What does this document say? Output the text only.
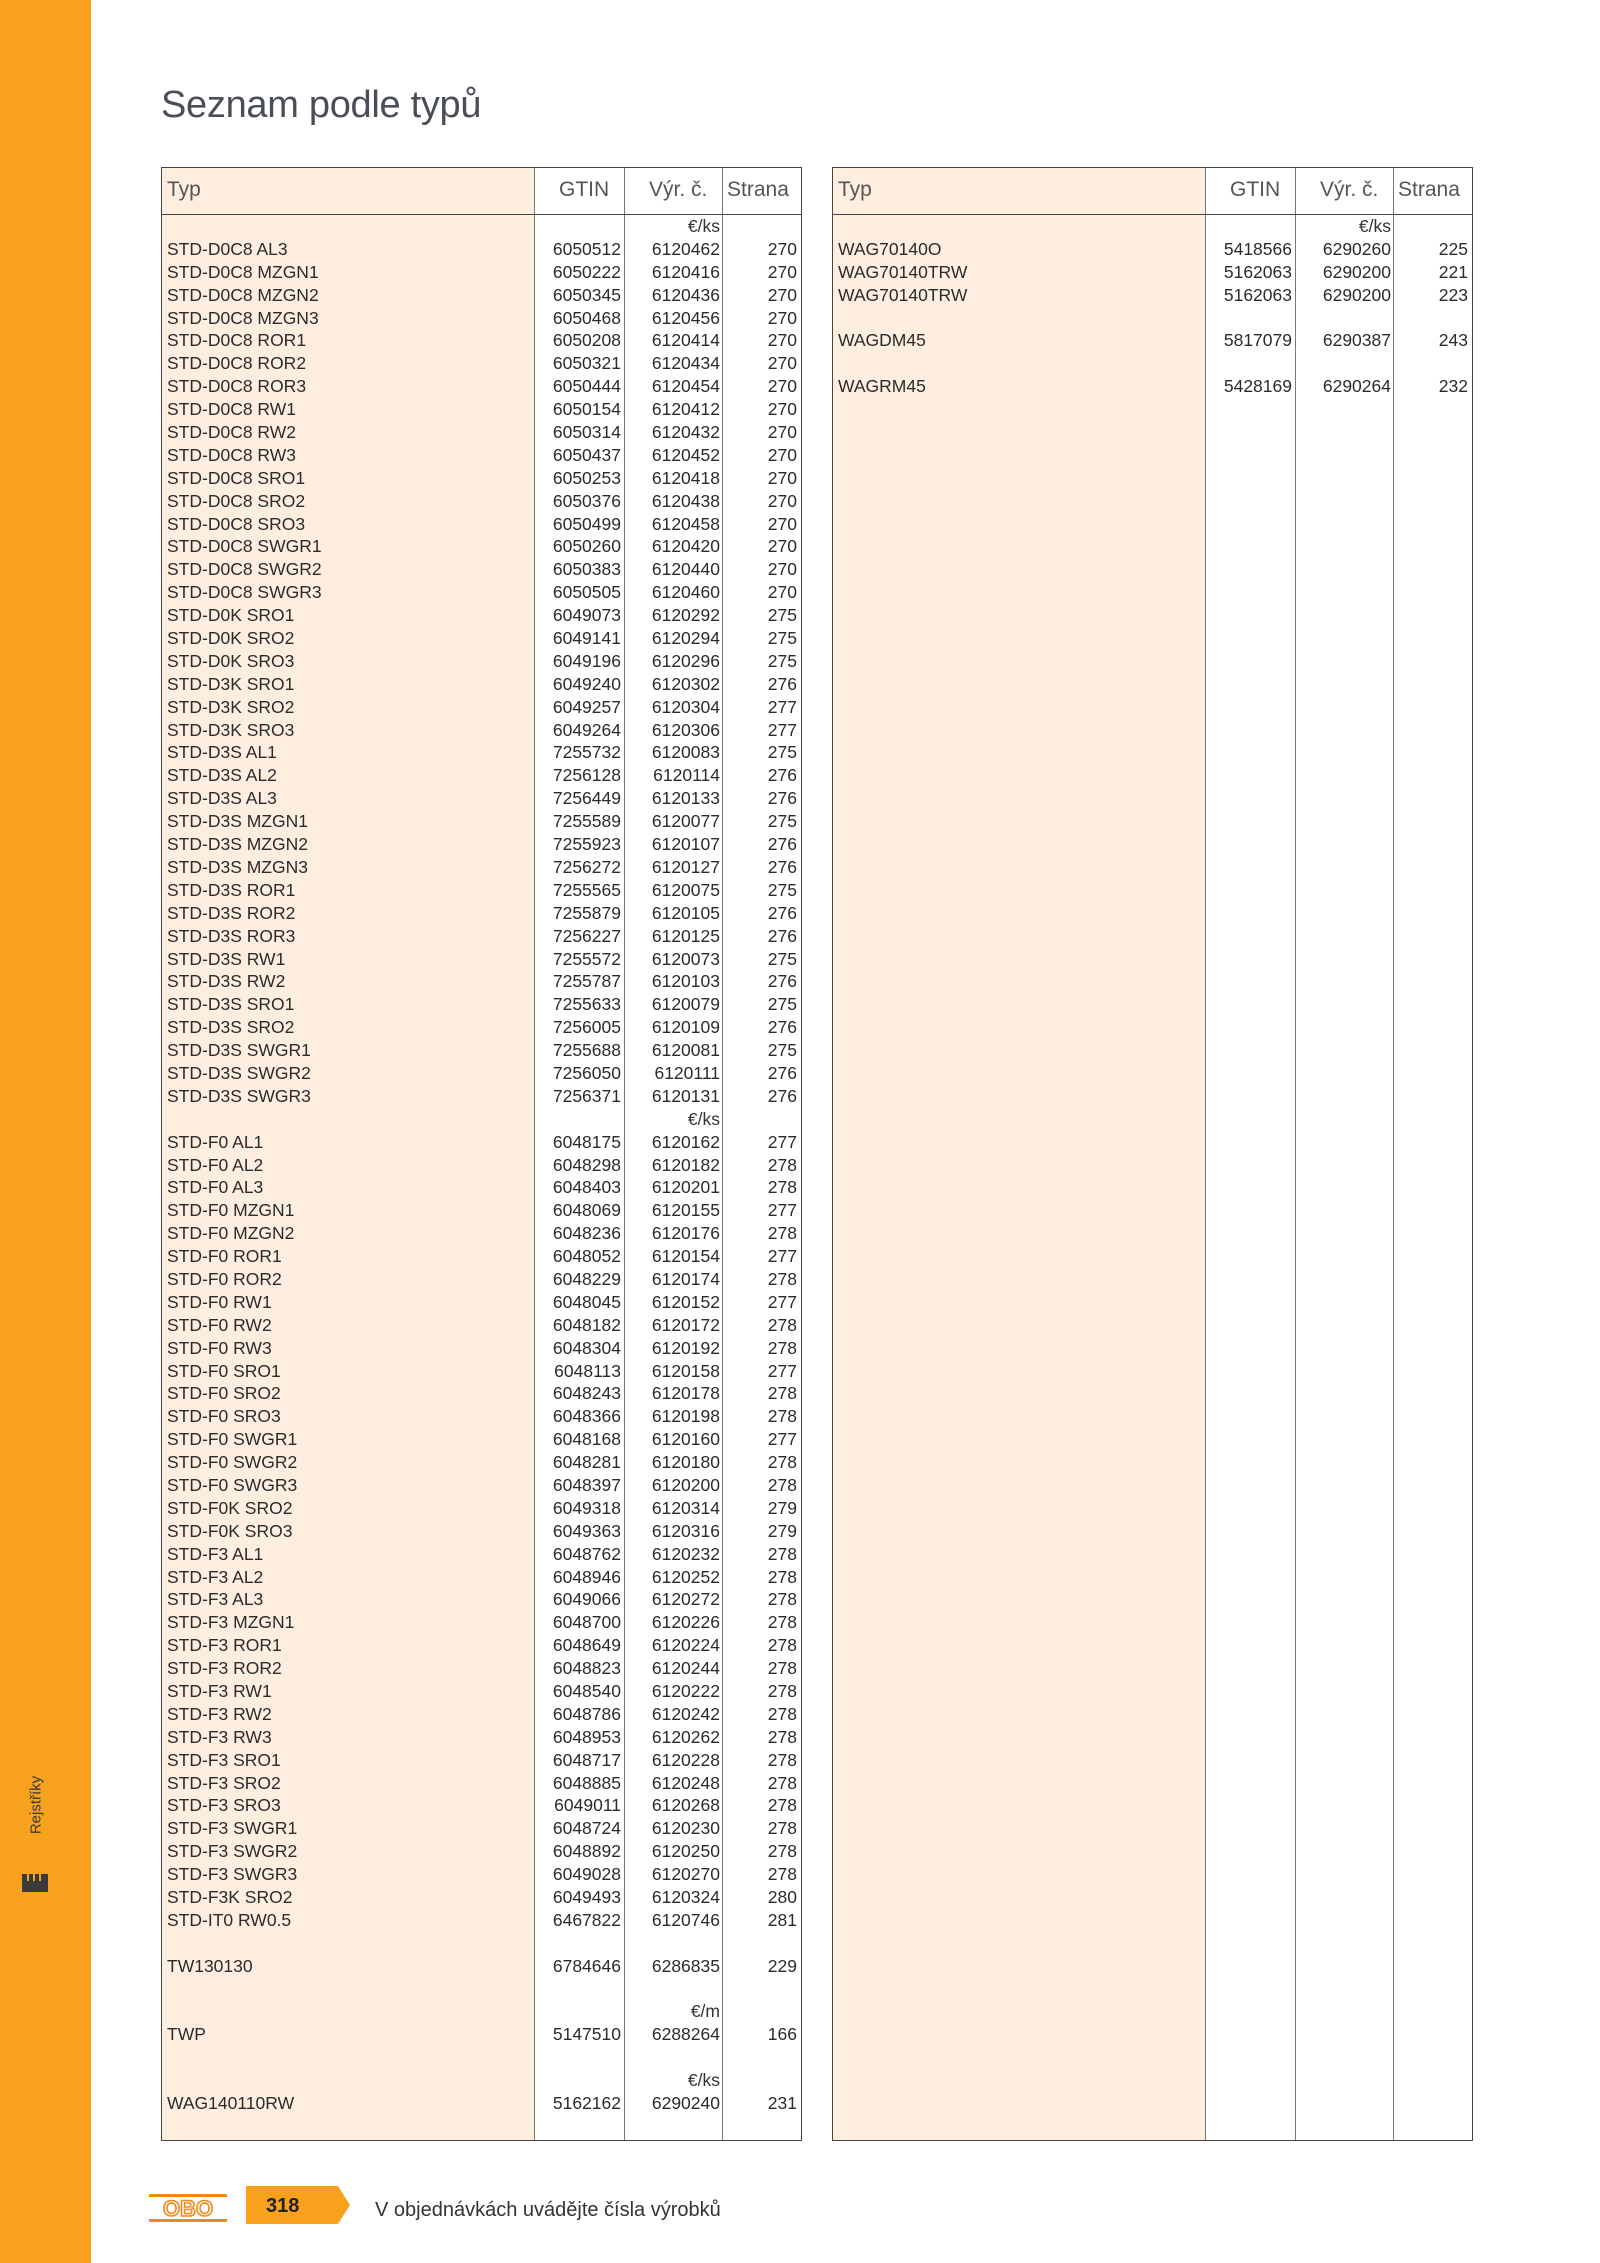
Rejstříky
Seznam podle typů
Typ	GTIN Výr. č. Strana
€/ks
STD-D0C8 AL3	6050512 6120462	270
STD-D0C8 MZGN1	6050222 6120416	270
STD-D0C8 MZGN2	6050345 6120436	270
STD-D0C8 MZGN3	6050468 6120456	270
STD-D0C8 ROR1	6050208 6120414	270
STD-D0C8 ROR2	6050321 6120434	270
STD-D0C8 ROR3	6050444 6120454	270
STD-D0C8 RW1	6050154 6120412	270
STD-D0C8 RW2	6050314 6120432	270
STD-D0C8 RW3	6050437 6120452	270
STD-D0C8 SRO1	6050253 6120418	270
STD-D0C8 SRO2	6050376 6120438	270
STD-D0C8 SRO3	6050499 6120458	270
STD-D0C8 SWGR1	6050260 6120420	270
STD-D0C8 SWGR2	6050383 6120440	270
STD-D0C8 SWGR3	6050505 6120460	270
STD-D0K SRO1	6049073 6120292	275
STD-D0K SRO2	6049141 6120294	275
STD-D0K SRO3	6049196 6120296	275
STD-D3K SRO1	6049240 6120302	276
STD-D3K SRO2	6049257 6120304	277
STD-D3K SRO3	6049264 6120306	277
STD-D3S AL1	7255732 6120083	275
STD-D3S AL2	7256128 6120114	276
STD-D3S AL3	7256449 6120133	276
STD-D3S MZGN1	7255589 6120077	275
STD-D3S MZGN2	7255923 6120107	276
STD-D3S MZGN3	7256272 6120127	276
STD-D3S ROR1	7255565 6120075	275
STD-D3S ROR2	7255879 6120105	276
STD-D3S ROR3	7256227 6120125	276
STD-D3S RW1	7255572 6120073	275
STD-D3S RW2	7255787 6120103	276
STD-D3S SRO1	7255633 6120079	275
STD-D3S SRO2	7256005 6120109	276
STD-D3S SWGR1	7255688 6120081	275
STD-D3S SWGR2	7256050 6120111	276
STD-D3S SWGR3	7256371 6120131	276
€/ks
STD-F0 AL1	6048175 6120162	277
STD-F0 AL2	6048298 6120182	278
STD-F0 AL3	6048403 6120201	278
STD-F0 MZGN1	6048069 6120155	277
STD-F0 MZGN2	6048236 6120176	278
STD-F0 ROR1	6048052 6120154	277
STD-F0 ROR2	6048229 6120174	278
STD-F0 RW1	6048045 6120152	277
STD-F0 RW2	6048182 6120172	278
STD-F0 RW3	6048304 6120192	278
STD-F0 SRO1	6048113 6120158	277
STD-F0 SRO2	6048243 6120178	278
STD-F0 SRO3	6048366 6120198	278
STD-F0 SWGR1	6048168 6120160	277
STD-F0 SWGR2	6048281 6120180	278
STD-F0 SWGR3	6048397 6120200	278
STD-F0K SRO2	6049318 6120314	279
STD-F0K SRO3	6049363 6120316	279
STD-F3 AL1	6048762 6120232	278
STD-F3 AL2	6048946 6120252	278
STD-F3 AL3	6049066 6120272	278
STD-F3 MZGN1	6048700 6120226	278
STD-F3 ROR1	6048649 6120224	278
STD-F3 ROR2	6048823 6120244	278
STD-F3 RW1	6048540 6120222	278
STD-F3 RW2	6048786 6120242	278
STD-F3 RW3	6048953 6120262	278
STD-F3 SRO1	6048717 6120228	278
STD-F3 SRO2	6048885 6120248	278
STD-F3 SRO3	6049011 6120268	278
STD-F3 SWGR1	6048724 6120230	278
STD-F3 SWGR2	6048892 6120250	278
STD-F3 SWGR3	6049028 6120270	278
STD-F3K SRO2	6049493 6120324	280
STD-IT0 RW0.5	6467822 6120746	281
TW130130	6784646 6286835	229
€/m
TWP	5147510 6288264	166
€/ks
WAG140110RW	5162162 6290240	231
Typ	GTIN Výr. č. Strana
€/ks
WAG70140O	5418566 6290260	225
WAG70140TRW	5162063 6290200	221
WAG70140TRW	5162063 6290200	223
WAGDM45	5817079 6290387	243
WAGRM45	5428169 6290264	232
OBO	318	V objednávkách uvádějte čísla výrobků
